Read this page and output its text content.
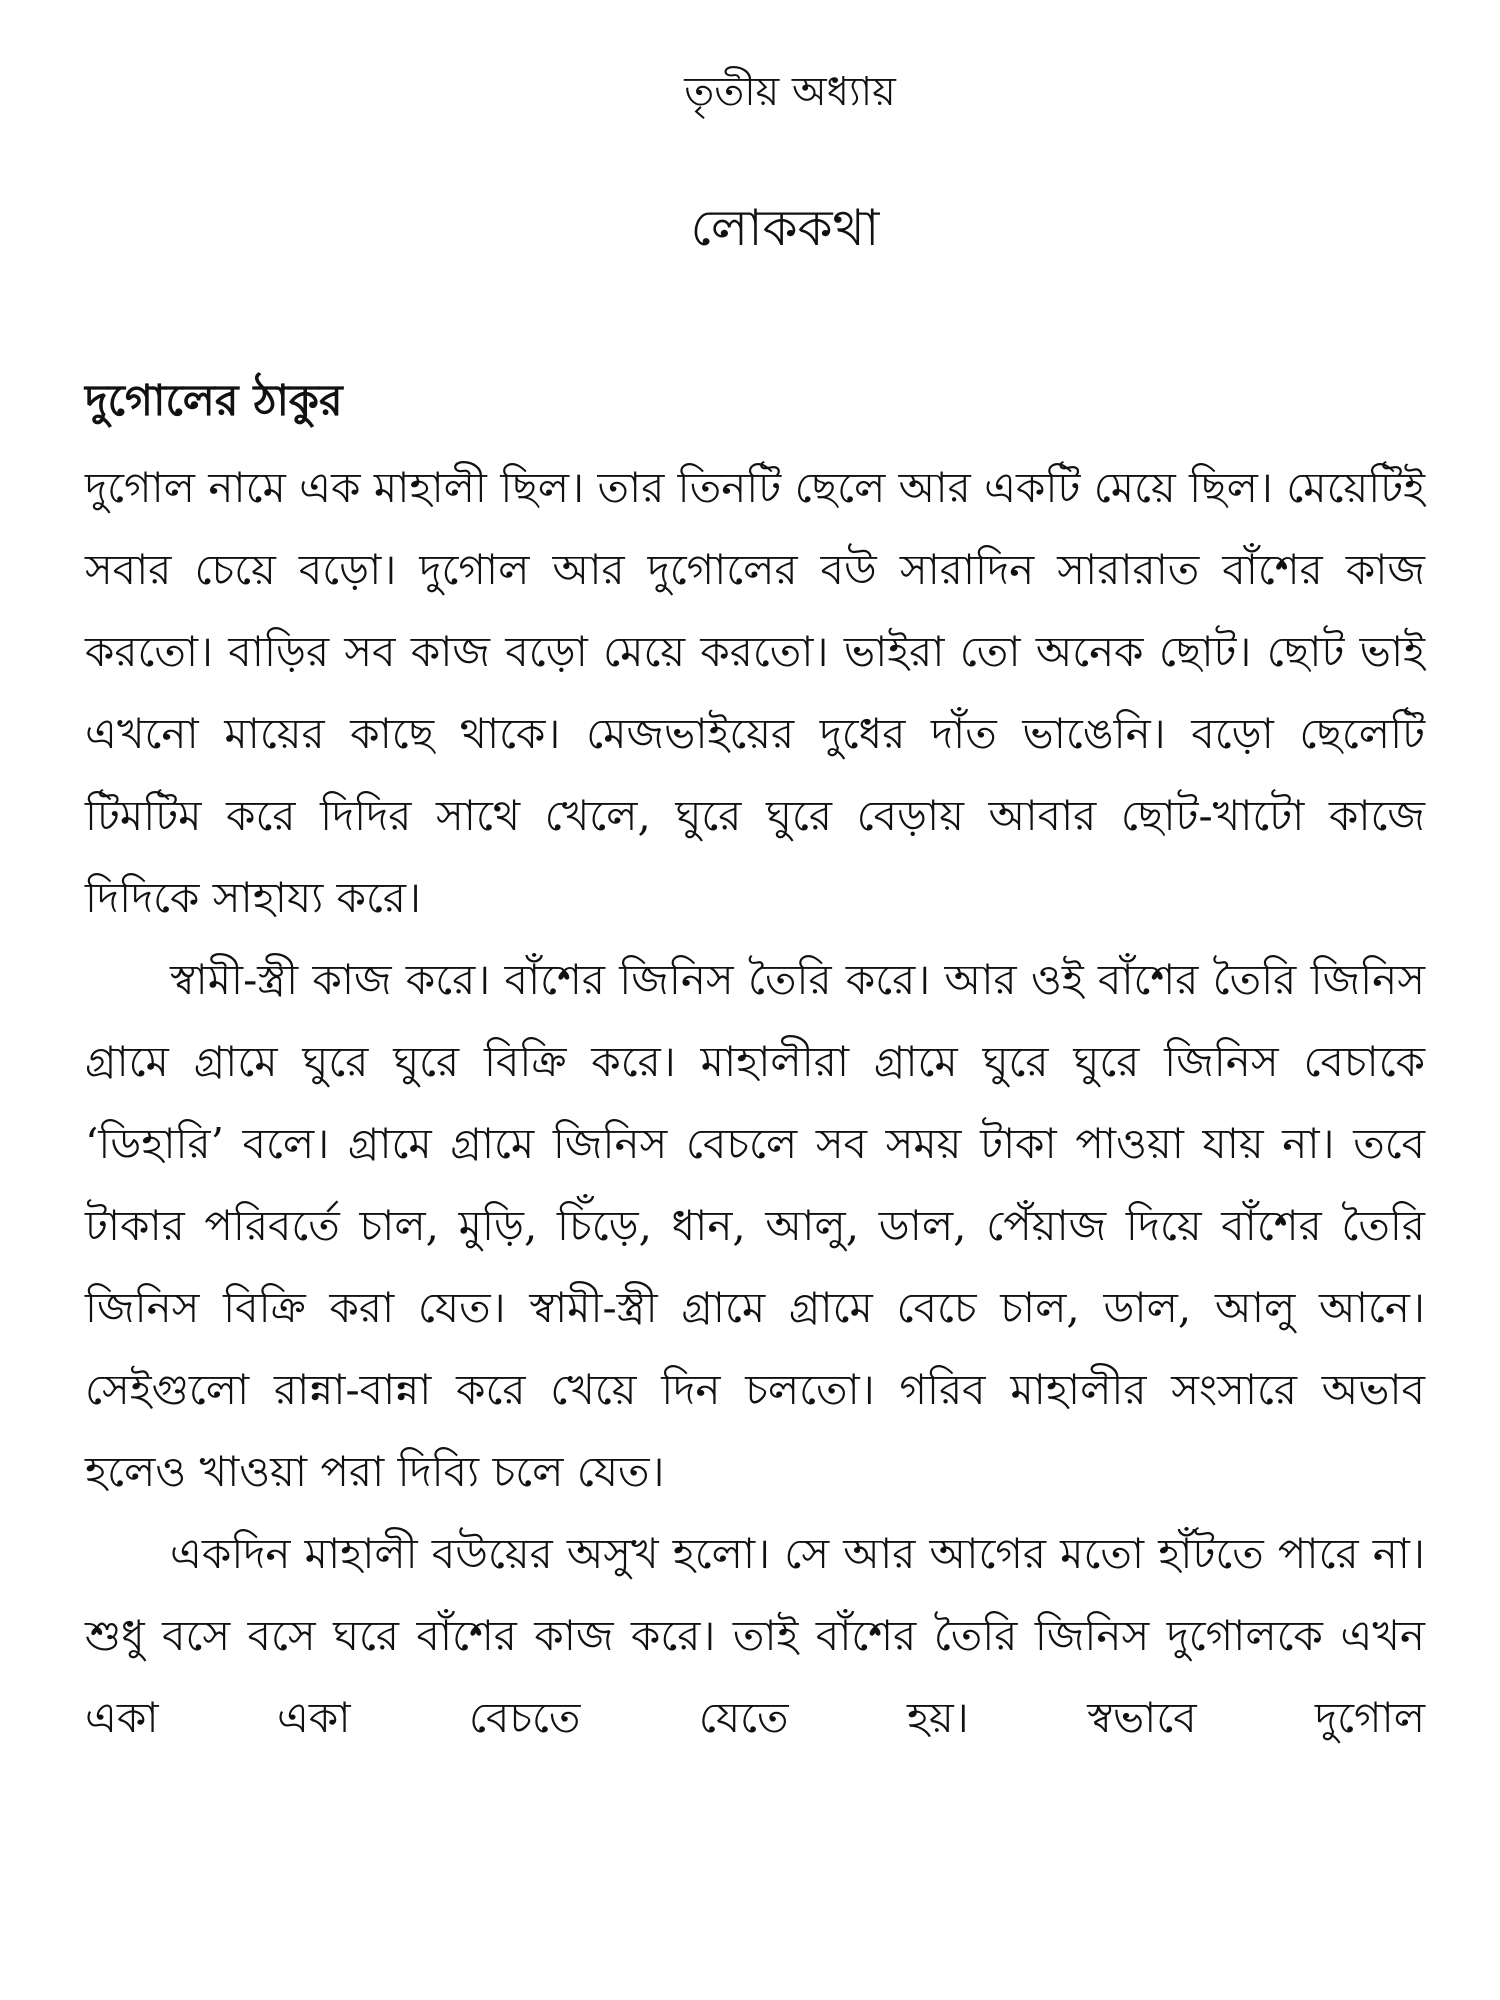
তৃতীয় অধ্যায়
লোককথা
দুগোলের ঠাকুর

দুগোল নামে এক মাহালী ছিল। তার তিনটি ছেলে আর একটি মেয়ে ছিল। মেয়েটিই সবার চেয়ে বড়ো। দুগোল আর দুগোলের বউ সারাদিন সারারাত বাঁশের কাজ করতো। বাড়ির সব কাজ বড়ো মেয়ে করতো। ভাইরা তো অনেক ছোট। ছোট ভাই এখনো মায়ের কাছে থাকে। মেজভাইয়ের দুধের দাঁত ভাঙেনি। বড়ো ছেলেটি টিমটিম করে দিদির সাথে খেলে, ঘুরে ঘুরে বেড়ায় আবার ছোট-খাটো কাজে দিদিকে সাহায্য করে।

স্বামী-স্ত্রী কাজ করে। বাঁশের জিনিস তৈরি করে। আর ওই বাঁশের তৈরি জিনিস গ্রামে গ্রামে ঘুরে ঘুরে বিক্রি করে। মাহালীরা গ্রামে ঘুরে ঘুরে জিনিস বেচাকে ‘ডিহারি’ বলে। গ্রামে গ্রামে জিনিস বেচলে সব সময় টাকা পাওয়া যায় না। তবে টাকার পরিবর্তে চাল, মুড়ি, চিঁড়ে, ধান, আলু, ডাল, পেঁয়াজ দিয়ে বাঁশের তৈরি জিনিস বিক্রি করা যেত। স্বামী-স্ত্রী গ্রামে গ্রামে বেচে চাল, ডাল, আলু আনে। সেইগুলো রান্না-বান্না করে খেয়ে দিন চলতো। গরিব মাহালীর সংসারে অভাব হলেও খাওয়া পরা দিব্যি চলে যেত।

একদিন মাহালী বউয়ের অসুখ হলো। সে আর আগের মতো হাঁটতে পারে না। শুধু বসে বসে ঘরে বাঁশের কাজ করে। তাই বাঁশের তৈরি জিনিস দুগোলকে এখন একা একা বেচতে যেতে হয়। স্বভাবে দুগোল
